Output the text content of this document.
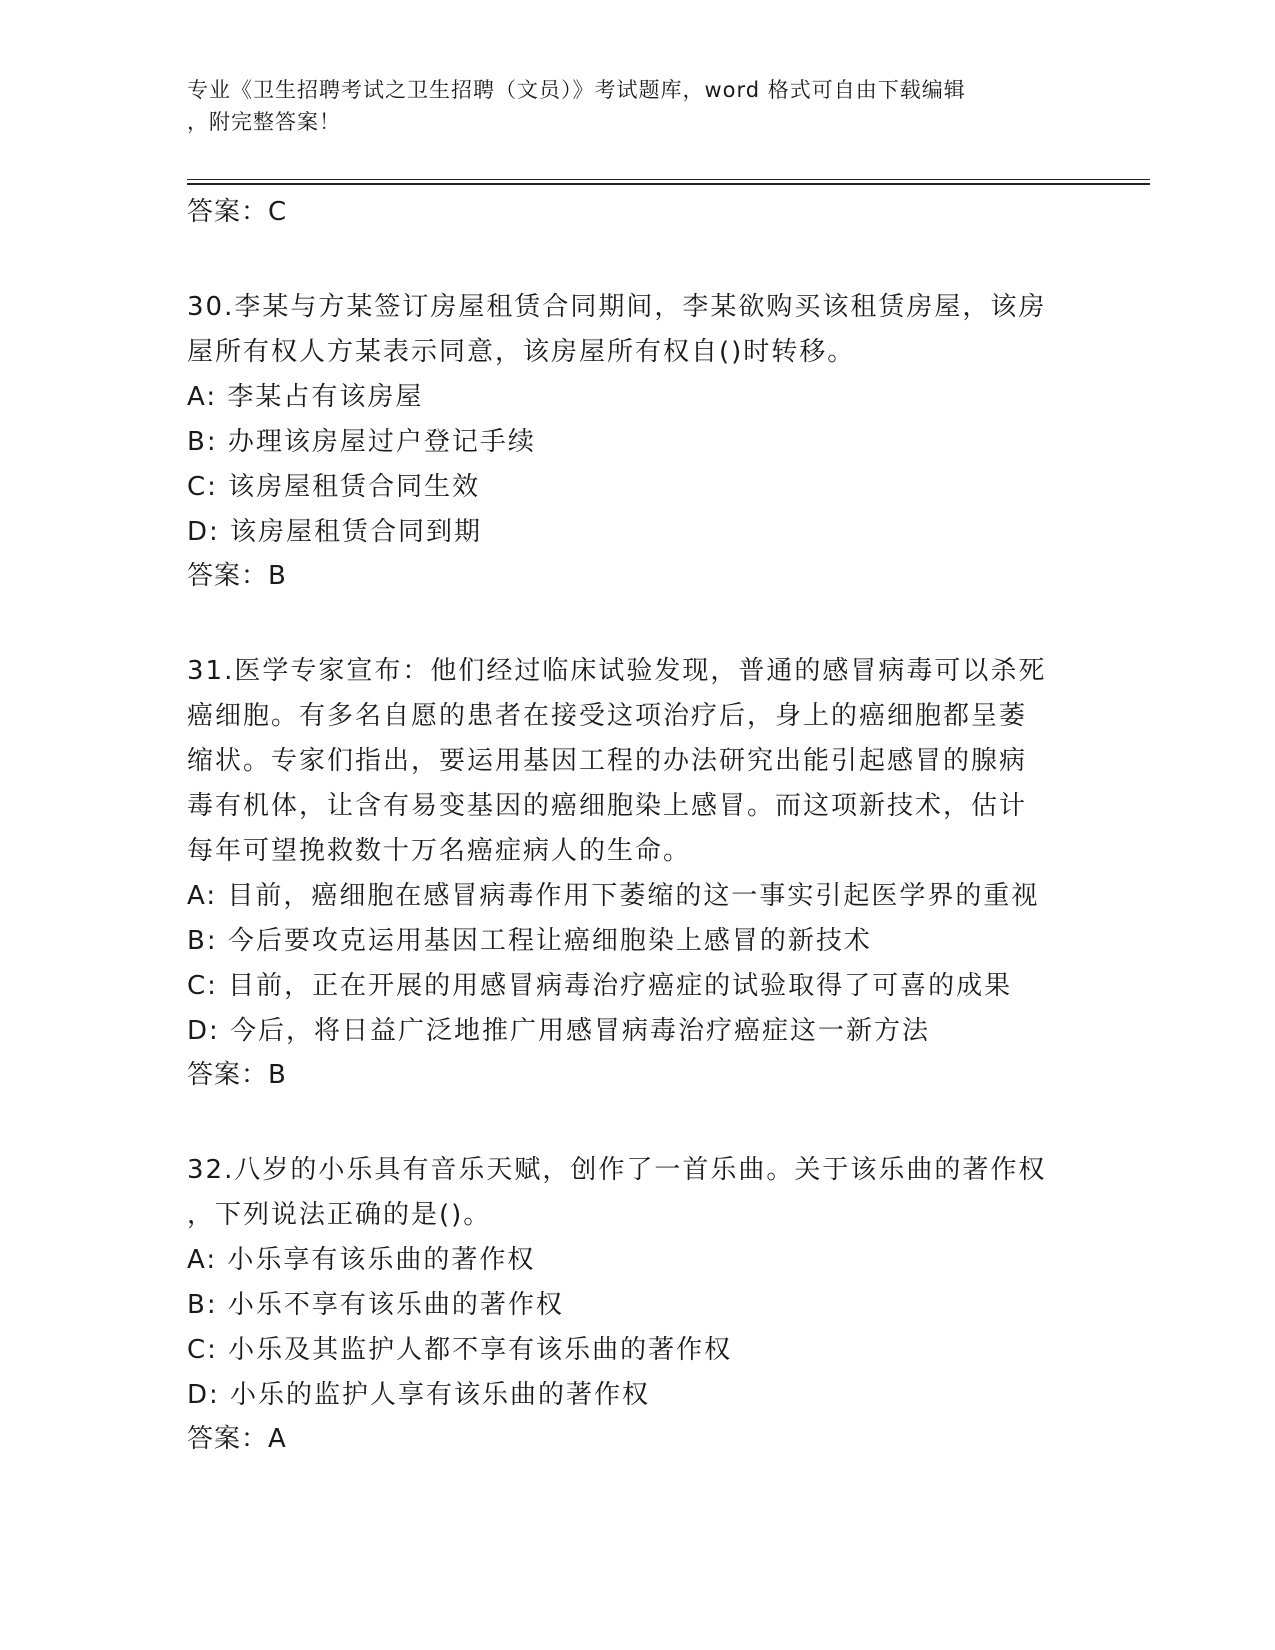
专业《卫生招聘考试之卫生招聘（文员）》考试题库，word 格式可自由下载编辑
，附完整答案！
答案：C
30.李某与方某签订房屋租赁合同期间，李某欲购买该租赁房屋，该房
屋所有权人方某表示同意，该房屋所有权自()时转移。
A: 李某占有该房屋
B: 办理该房屋过户登记手续
C: 该房屋租赁合同生效
D: 该房屋租赁合同到期
答案：B
31.医学专家宣布：他们经过临床试验发现，普通的感冒病毒可以杀死
癌细胞。有多名自愿的患者在接受这项治疗后，身上的癌细胞都呈萎
缩状。专家们指出，要运用基因工程的办法研究出能引起感冒的腺病
毒有机体，让含有易变基因的癌细胞染上感冒。而这项新技术，估计
每年可望挽救数十万名癌症病人的生命。
A: 目前，癌细胞在感冒病毒作用下萎缩的这一事实引起医学界的重视
B: 今后要攻克运用基因工程让癌细胞染上感冒的新技术
C: 目前，正在开展的用感冒病毒治疗癌症的试验取得了可喜的成果
D: 今后，将日益广泛地推广用感冒病毒治疗癌症这一新方法
答案：B
32.八岁的小乐具有音乐天赋，创作了一首乐曲。关于该乐曲的著作权
，下列说法正确的是()。
A: 小乐享有该乐曲的著作权
B: 小乐不享有该乐曲的著作权
C: 小乐及其监护人都不享有该乐曲的著作权
D: 小乐的监护人享有该乐曲的著作权
答案：A
